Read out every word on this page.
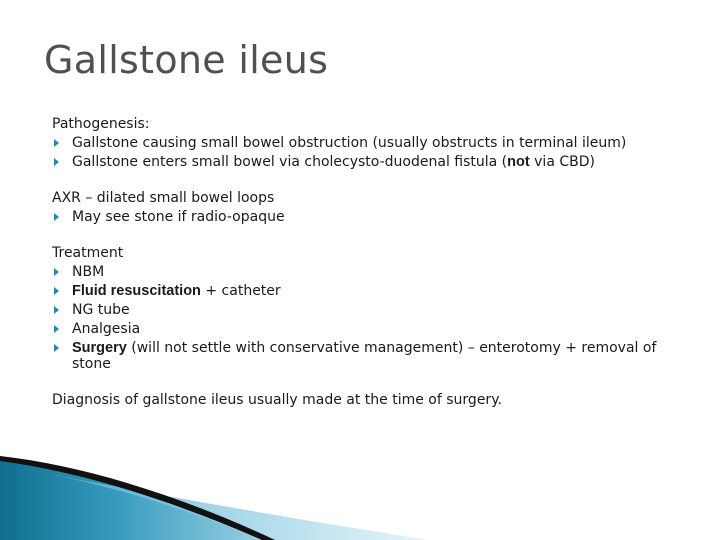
Gallstone ileus

Pathogenesis:

Gallstone causing small bowel obstruction (usually obstructs in terminal ileum)
Gallstone enters small bowel via cholecysto-duodenal fistula (not via CBD)

AXR – dilated small bowel loops

May see stone if radio-opaque

Treatment

NBM
Fluid resuscitation + catheter
NG tube
Analgesia
Surgery (will not settle with conservative management) – enterotomy + removal of stone

Diagnosis of gallstone ileus usually made at the time of surgery.
